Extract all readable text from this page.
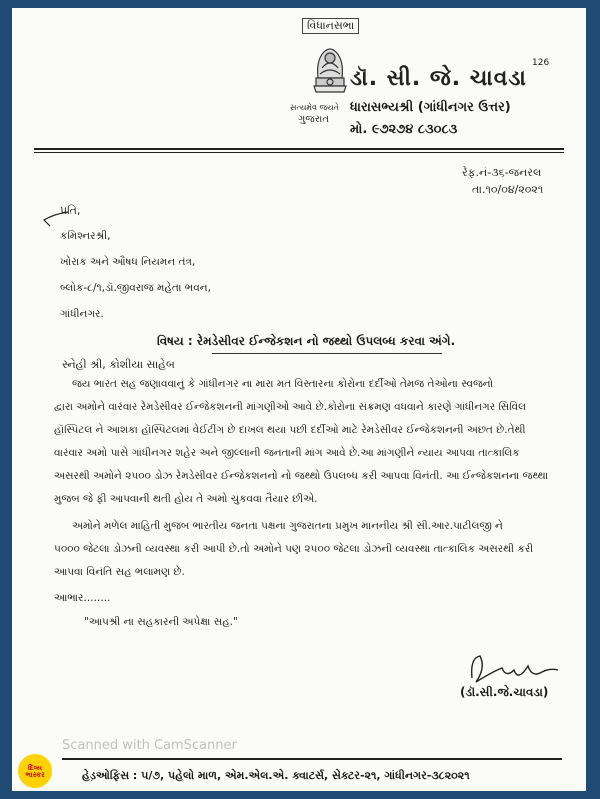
વિધાનસભા
સત્યમેવ જયતે
ગુજરાત
126
ડૉ. સી. જે. ચાવડા
ધારાસભ્યશ્રી (ગાંધીનગર ઉત્તર)
મો. ૯૭૨૭૪ ૮૩૦૮૩
રેફ.નં-૩૬-જનરલ
તા.૧૦/૦૪/૨૦૨૧
પ્રતિ,
કમિશ્નરશ્રી,
ખોરાક અને ઔષધ નિયમન તંત્ર,
બ્લોક-૮/૧,ડૉ.જીવરાજ મહેતા ભવન,
ગાંધીનગર.
વિષય : રેમડેસીવર ઈન્જેકશન નો જથ્થો ઉપલબ્ધ કરવા અંગે.
સ્નેહી શ્રી, કોશીયા સાહેબ
જય ભારત સહ જણાવવાનું કે ગાંધીનગર ના મારા મત વિસ્તારના કોરોના દર્દીઓ તેમજ તેઓના સ્વજનો
દ્વારા અમોને વારંવાર રેમડેસીવર ઈન્જેકશનની માંગણીઓ આવે છે.કોરોના સંક્રમણ વધવાને કારણે ગાંધીનગર સિવિલ
હૉસ્પિટલ ને આશકા હૉસ્પિટલમાં વેઈટીંગ છે દાખલ થયા પછી દર્દીઓ માટે રેમડેસીવર ઈન્જેકશનની અછત છે.તેથી
વારંવાર અમો પાસે ગાંધીનગર શહેર અને જીલ્લાની જનતાની માંગ આવે છે.આ માંગણીને ન્યાય આપવા તાત્કાલિક
અસરથી અમોને ૨૫૦૦ ડોઝ રેમડેસીવર ઈન્જેકશનનો નો જથ્થો ઉપલબ્ધ કરી આપવા વિનંતી. આ ઈન્જેકશનના જથ્થા
મુજબ જે ફી આપવાની થતી હોય તે અમો ચુકવવા તૈયાર છીએ.
અમોને મળેલ માહિતી મુજબ ભારતીય જનતા પક્ષના ગુજરાતના પ્રમુખ માનનીય શ્રી સી.આર.પાટીલજી ને
૫૦૦૦ જેટલા ડોઝની વ્યવસ્થા કરી આપી છે.તો અમોને પણ ૨૫૦૦ જેટલા ડોઝની વ્યવસ્થા તાત્કાલિક અસરથી કરી
આપવા વિનંતિ સહ ભલામણ છે.
આભાર........
"આપશ્રી ના સહકારની અપેક્ષા સહ."
(ડૉ.સી.જે.ચાવડા)
Scanned with CamScanner
હેડ઼ઓફિસ : ૫/૭, પહેલો માળ, એમ.એલ.એ. ક્વાટર્સ, સેક્ટર-૨૧, ગાંધીનગર-૩૮૨૦૨૧
દિવ્ય ભાસ્કર
